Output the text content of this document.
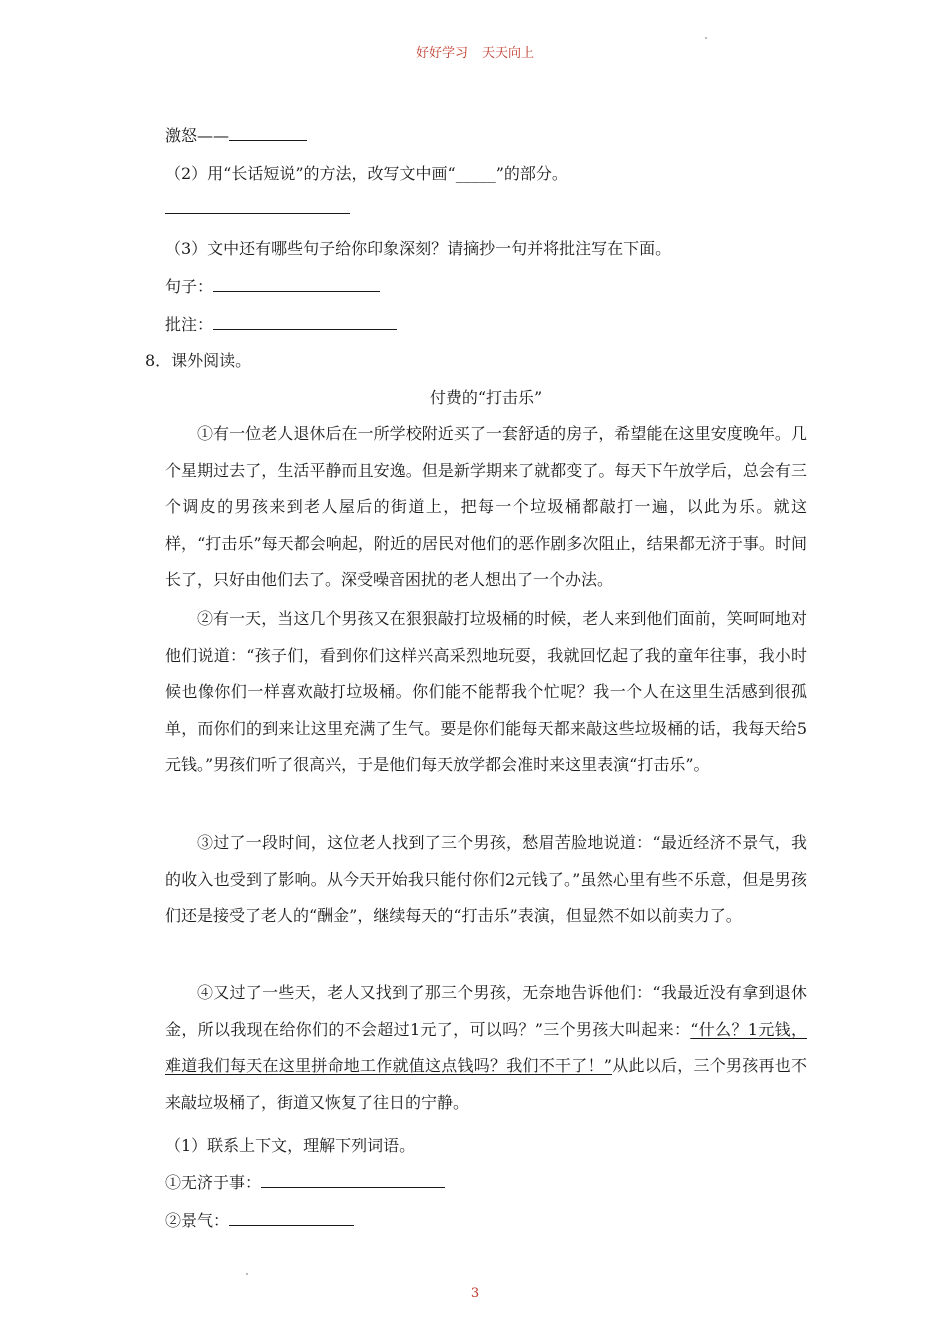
好好学习 天天向上
激怒——
（2）用“长话短说”的方法，改写文中画“_____”的部分。
（3）文中还有哪些句子给你印象深刻？请摘抄一句并将批注写在下面。
句子：
批注：
8．课外阅读。
付费的“打击乐”
①有一位老人退休后在一所学校附近买了一套舒适的房子，希望能在这里安度晚年。几个星期过去了，生活平静而且安逸。但是新学期来了就都变了。每天下午放学后，总会有三个调皮的男孩来到老人屋后的街道上，把每一个垃圾桶都敲打一遍，以此为乐。就这样，“打击乐”每天都会响起，附近的居民对他们的恶作剧多次阻止，结果都无济于事。时间长了，只好由他们去了。深受噪音困扰的老人想出了一个办法。
②有一天，当这几个男孩又在狠狠敲打垃圾桶的时候，老人来到他们面前，笑呵呵地对他们说道：“孩子们，看到你们这样兴高采烈地玩耍，我就回忆起了我的童年往事，我小时候也像你们一样喜欢敲打垃圾桶。你们能不能帮我个忙呢？我一个人在这里生活感到很孤单，而你们的到来让这里充满了生气。要是你们能每天都来敲这些垃圾桶的话，我每天给5元钱。”男孩们听了很高兴，于是他们每天放学都会准时来这里表演“打击乐”。
③过了一段时间，这位老人找到了三个男孩，愁眉苦脸地说道：“最近经济不景气，我的收入也受到了影响。从今天开始我只能付你们2元钱了。”虽然心里有些不乐意，但是男孩们还是接受了老人的“酬金”，继续每天的“打击乐”表演，但显然不如以前卖力了。
④又过了一些天，老人又找到了那三个男孩，无奈地告诉他们：“我最近没有拿到退休金，所以我现在给你们的不会超过1元了，可以吗？”三个男孩大叫起来：“什么？1元钱，难道我们每天在这里拼命地工作就值这点钱吗？我们不干了！”从此以后，三个男孩再也不来敲垃圾桶了，街道又恢复了往日的宁静。
（1）联系上下文，理解下列词语。
①无济于事：
②景气：
3
